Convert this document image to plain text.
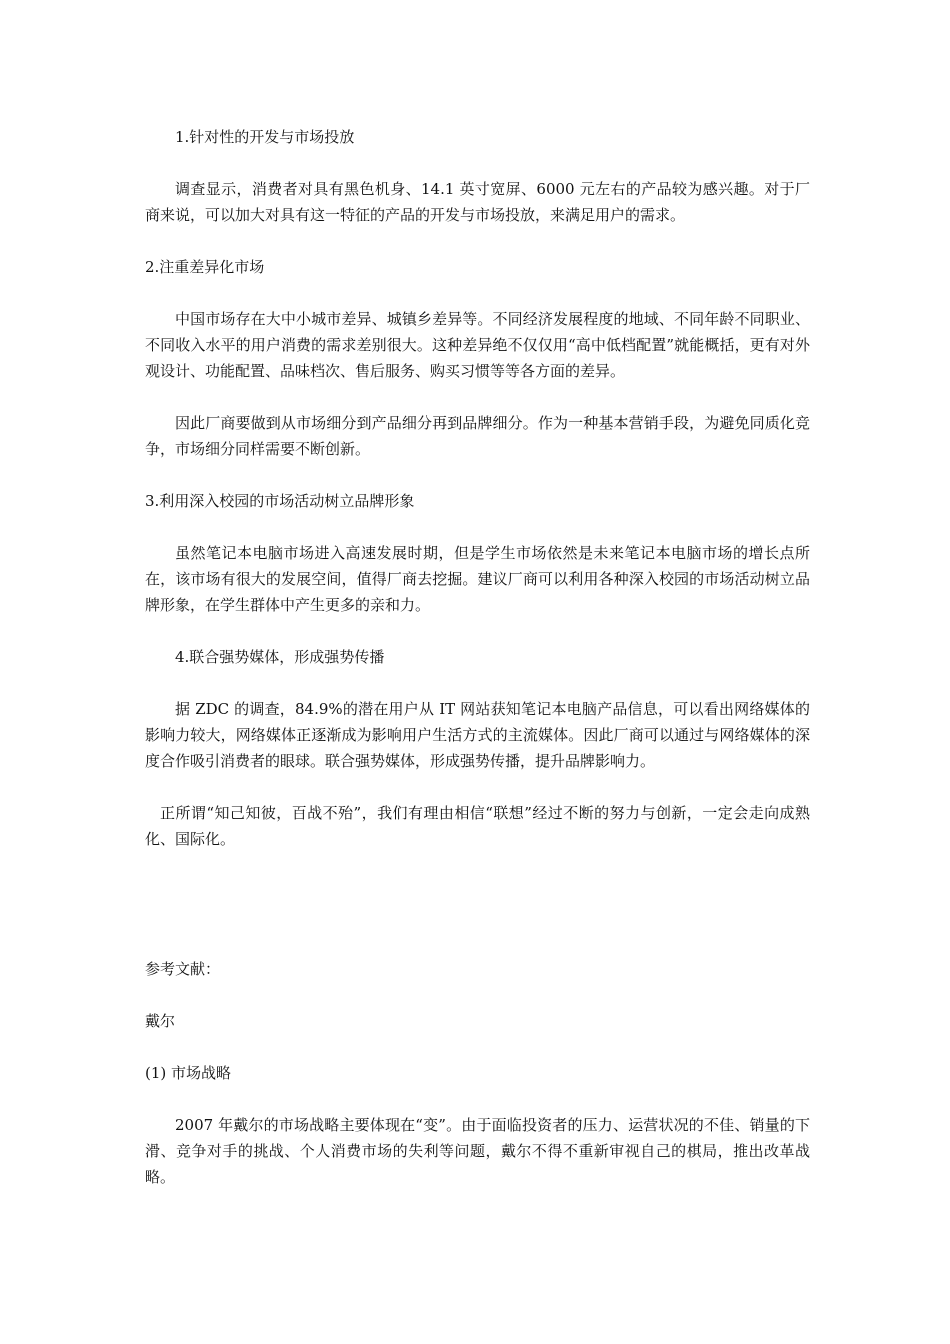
1.针对性的开发与市场投放

调查显示，消费者对具有黑色机身、14.1 英寸宽屏、6000 元左右的产品较为感兴趣。对于厂商来说，可以加大对具有这一特征的产品的开发与市场投放，来满足用户的需求。

2.注重差异化市场

中国市场存在大中小城市差异、城镇乡差异等。不同经济发展程度的地域、不同年龄不同职业、不同收入水平的用户消费的需求差别很大。这种差异绝不仅仅用“高中低档配置”就能概括，更有对外观设计、功能配置、品味档次、售后服务、购买习惯等等各方面的差异。

因此厂商要做到从市场细分到产品细分再到品牌细分。作为一种基本营销手段，为避免同质化竞争，市场细分同样需要不断创新。

3.利用深入校园的市场活动树立品牌形象

虽然笔记本电脑市场进入高速发展时期，但是学生市场依然是未来笔记本电脑市场的增长点所在，该市场有很大的发展空间，值得厂商去挖掘。建议厂商可以利用各种深入校园的市场活动树立品牌形象，在学生群体中产生更多的亲和力。

4.联合强势媒体，形成强势传播

据 ZDC 的调查，84.9%的潜在用户从 IT 网站获知笔记本电脑产品信息，可以看出网络媒体的影响力较大，网络媒体正逐渐成为影响用户生活方式的主流媒体。因此厂商可以通过与网络媒体的深度合作吸引消费者的眼球。联合强势媒体，形成强势传播，提升品牌影响力。

正所谓“知己知彼，百战不殆”，我们有理由相信“联想”经过不断的努力与创新，一定会走向成熟化、国际化。

参考文献：

戴尔

(1) 市场战略

2007 年戴尔的市场战略主要体现在“变”。由于面临投资者的压力、运营状况的不佳、销量的下滑、竞争对手的挑战、个人消费市场的失利等问题，戴尔不得不重新审视自己的棋局，推出改革战略。
